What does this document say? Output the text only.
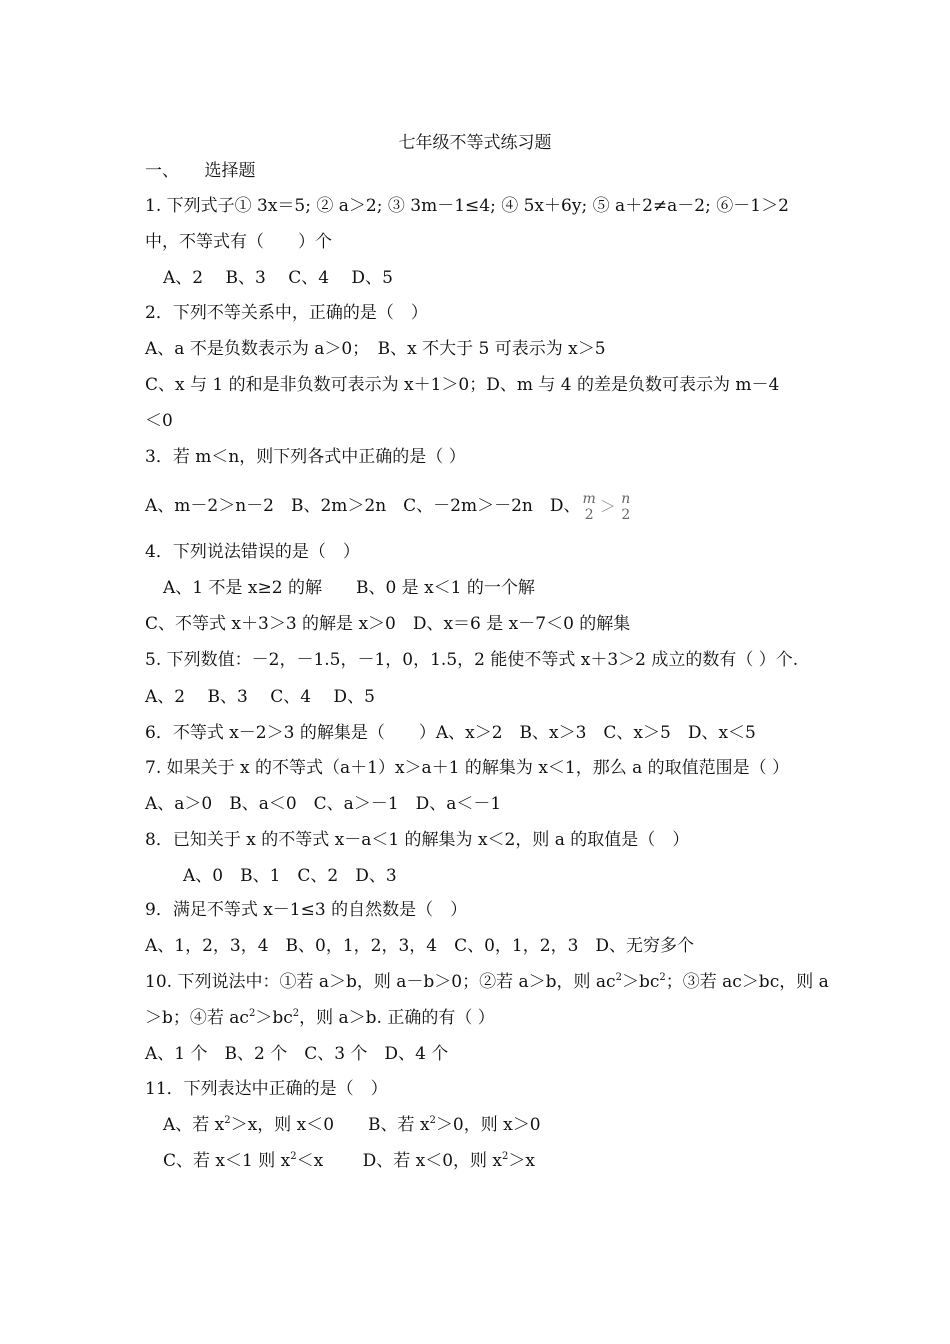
七年级不等式练习题
一、　　选择题
1. 下列式子① 3x＝5; ② a＞2; ③ 3m－1≤4; ④ 5x＋6y; ⑤ a＋2≠a－2; ⑥－1＞2
中，不等式有（　　）个
A、2　 B、3　 C、4　 D、5
2．下列不等关系中，正确的是（　）
A、a 不是负数表示为 a＞0；　B、x 不大于 5 可表示为 x＞5
C、x 与 1 的和是非负数可表示为 x＋1＞0；D、m 与 4 的差是负数可表示为 m－4
＜0
3．若 m＜n，则下列各式中正确的是（ ）
A、m－2＞n－2　B、2m＞2n　C、－2m＞－2n　D、 m
2 ＞ n
2
4．下列说法错误的是（　）
A、1 不是 x≥2 的解　　B、0 是 x＜1 的一个解
C、不等式 x＋3＞3 的解是 x＞0　D、x＝6 是 x－7＜0 的解集
5. 下列数值：－2，－1.5，－1，0，1.5，2 能使不等式 x＋3＞2 成立的数有（ ）个.
A、2　 B、3　 C、4　 D、5
6．不等式 x－2＞3 的解集是（　　）A、x＞2　B、x＞3　C、x＞5　D、x＜5
7. 如果关于 x 的不等式（a＋1）x＞a＋1 的解集为 x＜1，那么 a 的取值范围是（ ）
A、a＞0　B、a＜0　C、a＞－1　D、a＜－1
8．已知关于 x 的不等式 x－a＜1 的解集为 x＜2，则 a 的取值是（　）
A、0　B、1　C、2　D、3
9．满足不等式 x－1≤3 的自然数是（　）
A、1，2，3，4　B、0，1，2，3，4　C、0，1，2，3　D、无穷多个
10. 下列说法中：①若 a＞b，则 a－b＞0；②若 a＞b，则 $ac^2>bc^2$；③若 ac＞bc，则 a
＞b；④若 $ac^2>bc^2$，则 a＞b. 正确的有（ ）
A、1 个　B、2 个　C、3 个　D、4 个
11．下列表达中正确的是（　）
A、若 $x^2>x$，则 x＜0　　B、若 $x^2>0$，则 x＞0
C、若 x＜1 则 $x^2<x$　　 D、若 x＜0，则 $x^2>x$
